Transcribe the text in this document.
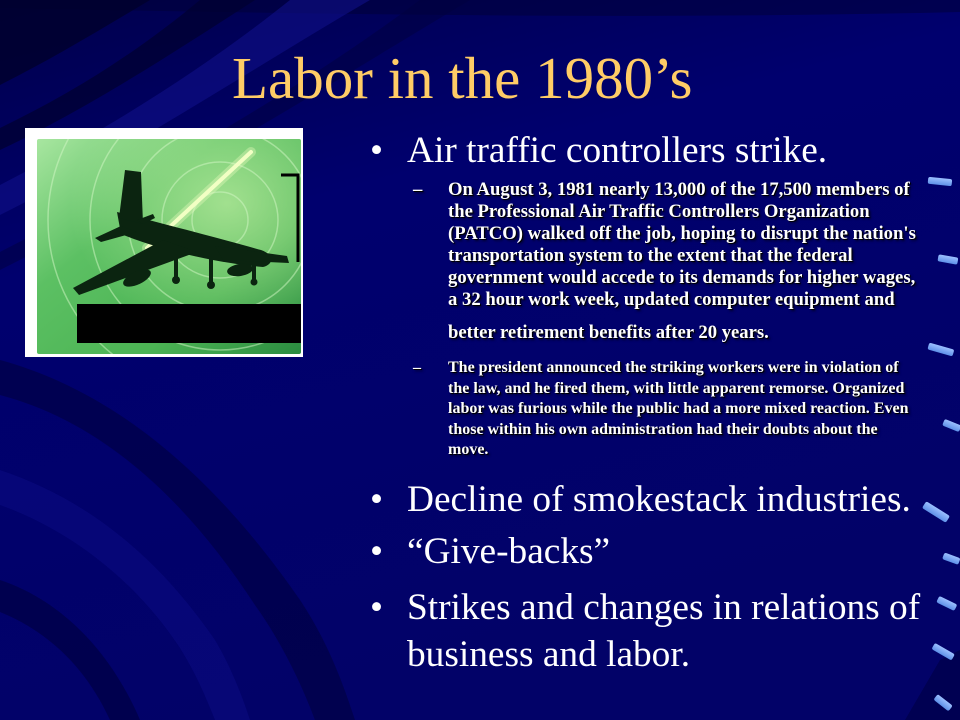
Labor in the 1980’s
• Air traffic controllers strike.
– On August 3, 1981 nearly 13,000 of the 17,500 members of
the Professional Air Traffic Controllers Organization
(PATCO) walked off the job, hoping to disrupt the nation's
transportation system to the extent that the federal
government would accede to its demands for higher wages,
a 32 hour work week, updated computer equipment and
better retirement benefits after 20 years.
– The president announced the striking workers were in violation of
the law, and he fired them, with little apparent remorse. Organized
labor was furious while the public had a more mixed reaction. Even
those within his own administration had their doubts about the
move.
• Decline of smokestack industries.
• “Give-backs”
• Strikes and changes in relations of business and labor.
